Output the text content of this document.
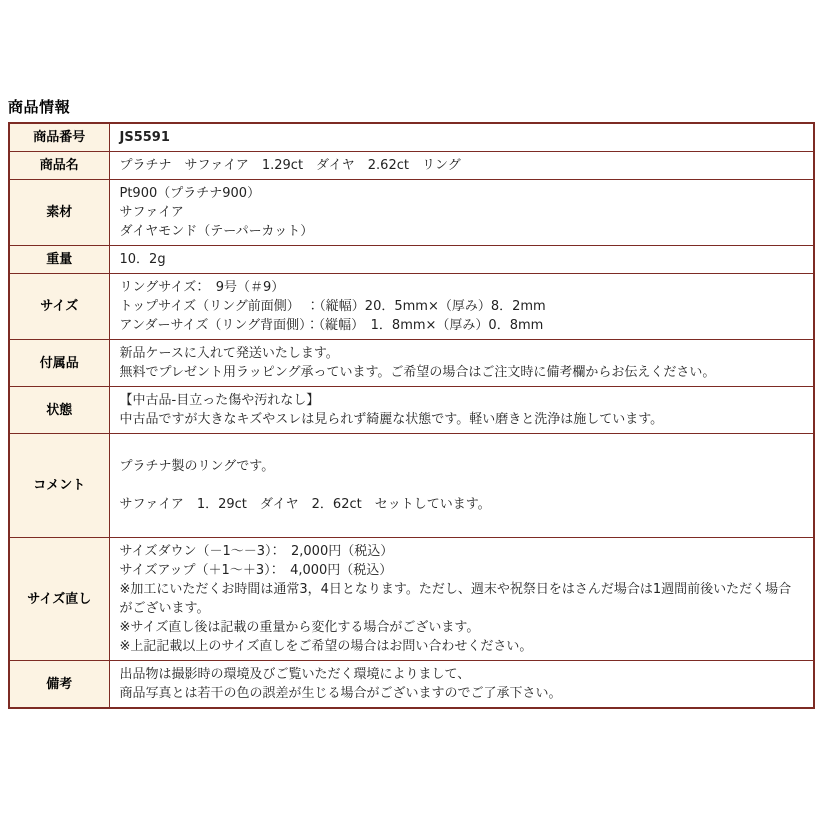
商品情報
商品番号	JS5591
商品名	プラチナ　サファイア　1.29ct　ダイヤ　2.62ct　リング
素材	Pt900（プラチナ900）
サファイア
ダイヤモンド（テーパーカット）
重量	10．2g
サイズ	リングサイズ：　9号（＃9）
トップサイズ（リング前面側）　：（縦幅）20．5mm×（厚み）8．2mm
アンダーサイズ（リング背面側）：（縦幅）　1．8mm×（厚み）0．8mm
付属品	新品ケースに入れて発送いたします。
無料でプレゼント用ラッピング承っています。ご希望の場合はご注文時に備考欄からお伝えください。
状態	【中古品-目立った傷や汚れなし】
中古品ですが大きなキズやスレは見られず綺麗な状態です。軽い磨きと洗浄は施しています。
コメント	プラチナ製のリングです。

サファイア　1．29ct　ダイヤ　2．62ct　セットしています。

サイズ直し	サイズダウン（－1～－3）：　2,000円（税込）
サイズアップ（＋1～＋3）：　4,000円（税込）
※加工にいただくお時間は通常3，4日となります。ただし、週末や祝祭日をはさんだ場合は1週間前後いただく場合がございます。
※サイズ直し後は記載の重量から変化する場合がございます。
※上記記載以上のサイズ直しをご希望の場合はお問い合わせください。
備考	出品物は撮影時の環境及びご覧いただく環境によりまして、
商品写真とは若干の色の誤差が生じる場合がございますのでご了承下さい。
